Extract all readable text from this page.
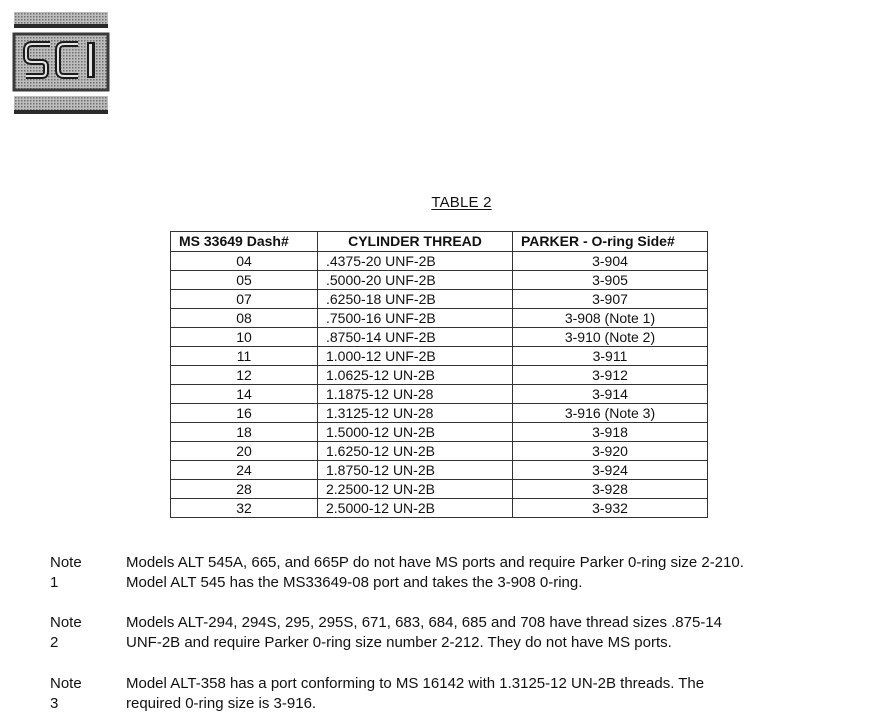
SCI
TABLE 2
MS 33649 Dash#	CYLINDER THREAD	PARKER - O-ring Side#
04	.4375-20 UNF-2B	3-904
05	.5000-20 UNF-2B	3-905
07	.6250-18 UNF-2B	3-907
08	.7500-16 UNF-2B	3-908 (Note 1)
10	.8750-14 UNF-2B	3-910 (Note 2)
11	1.000-12 UNF-2B	3-911
12	1.0625-12 UN-2B	3-912
14	1.1875-12 UN-28	3-914
16	1.3125-12 UN-28	3-916 (Note 3)
18	1.5000-12 UN-2B	3-918
20	1.6250-12 UN-2B	3-920
24	1.8750-12 UN-2B	3-924
28	2.2500-12 UN-2B	3-928
32	2.5000-12 UN-2B	3-932
Note 1
Models ALT 545A, 665, and 665P do not have MS ports and require Parker 0-ring size 2-210.
Model ALT 545 has the MS33649-08 port and takes the 3-908 0-ring.
Note 2
Models ALT-294, 294S, 295, 295S, 671, 683, 684, 685 and 708 have thread sizes .875-14
UNF-2B and require Parker 0-ring size number 2-212. They do not have MS ports.
Note 3
Model ALT-358 has a port conforming to MS 16142 with 1.3125-12 UN-2B threads. The
required 0-ring size is 3-916.
